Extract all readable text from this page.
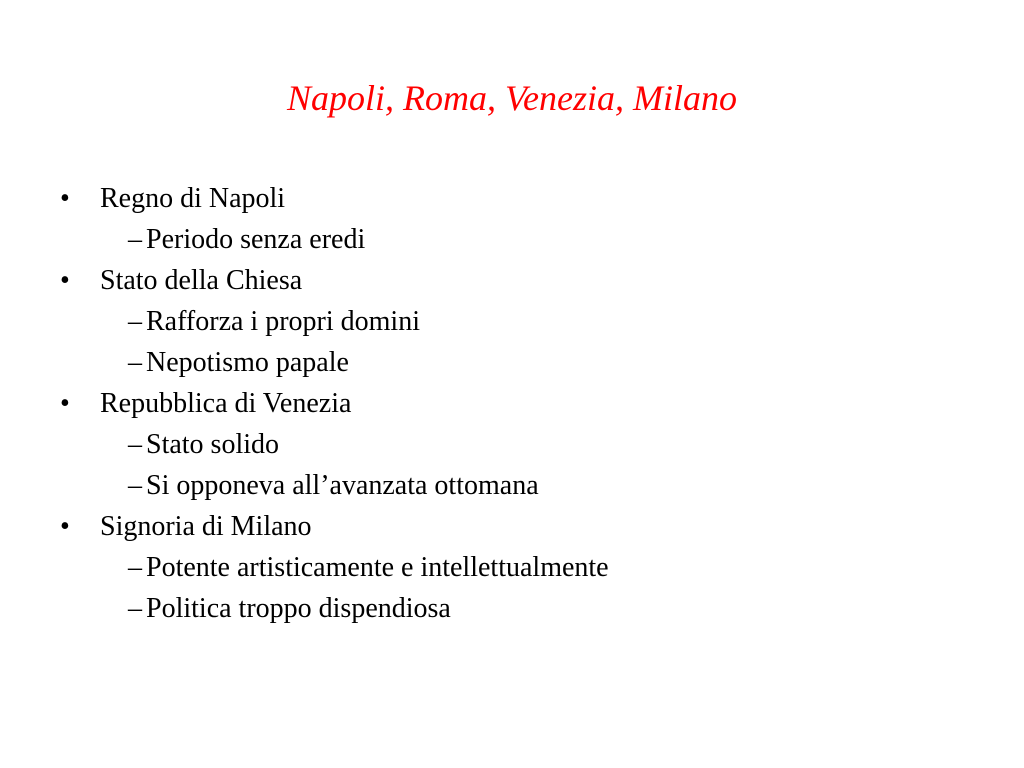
Napoli, Roma, Venezia, Milano
• Regno di Napoli
– Periodo senza eredi
• Stato della Chiesa
– Rafforza i propri domini
– Nepotismo papale
• Repubblica di Venezia
– Stato solido
– Si opponeva all’avanzata ottomana
• Signoria di Milano
– Potente artisticamente e intellettualmente
– Politica troppo dispendiosa
